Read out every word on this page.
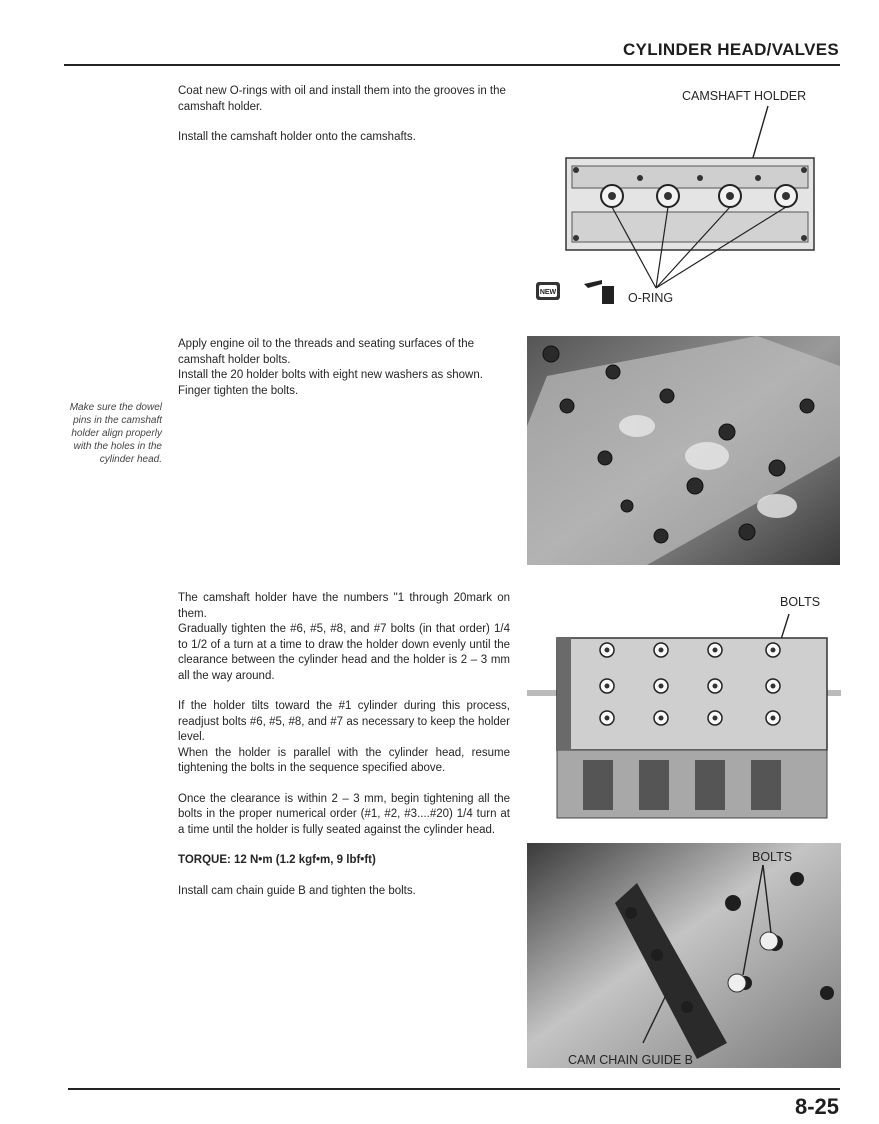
CYLINDER HEAD/VALVES

Coat new O-rings with oil and install them into the grooves in the camshaft holder.

Install the camshaft holder onto the camshafts.

CAMSHAFT HOLDER
NEW	O-RING
Make sure the dowel pins in the camshaft holder align properly with the holes in the cylinder head.

Apply engine oil to the threads and seating surfaces of the camshaft holder bolts.

Install the 20 holder bolts with eight new washers as shown.

Finger tighten the bolts.

The camshaft holder have the numbers "1 through 20mark on them.

Gradually tighten the #6, #5, #8, and #7 bolts (in that order) 1/4 to 1/2 of a turn at a time to draw the holder down evenly until the clearance between the cylinder head and the holder is 2 – 3 mm all the way around.

If the holder tilts toward the #1 cylinder during this process, readjust bolts #6, #5, #8, and #7 as necessary to keep the holder level.

When the holder is parallel with the cylinder head, resume tightening the bolts in the sequence specified above.

Once the clearance is within 2 – 3 mm, begin tightening all the bolts in the proper numerical order (#1, #2, #3....#20) 1/4 turn at a time until the holder is fully seated against the cylinder head.

TORQUE: 12 N•m (1.2 kgf•m, 9 lbf•ft)

Install cam chain guide B and tighten the bolts.

BOLTS
BOLTS
CAM CHAIN GUIDE B
8-25
